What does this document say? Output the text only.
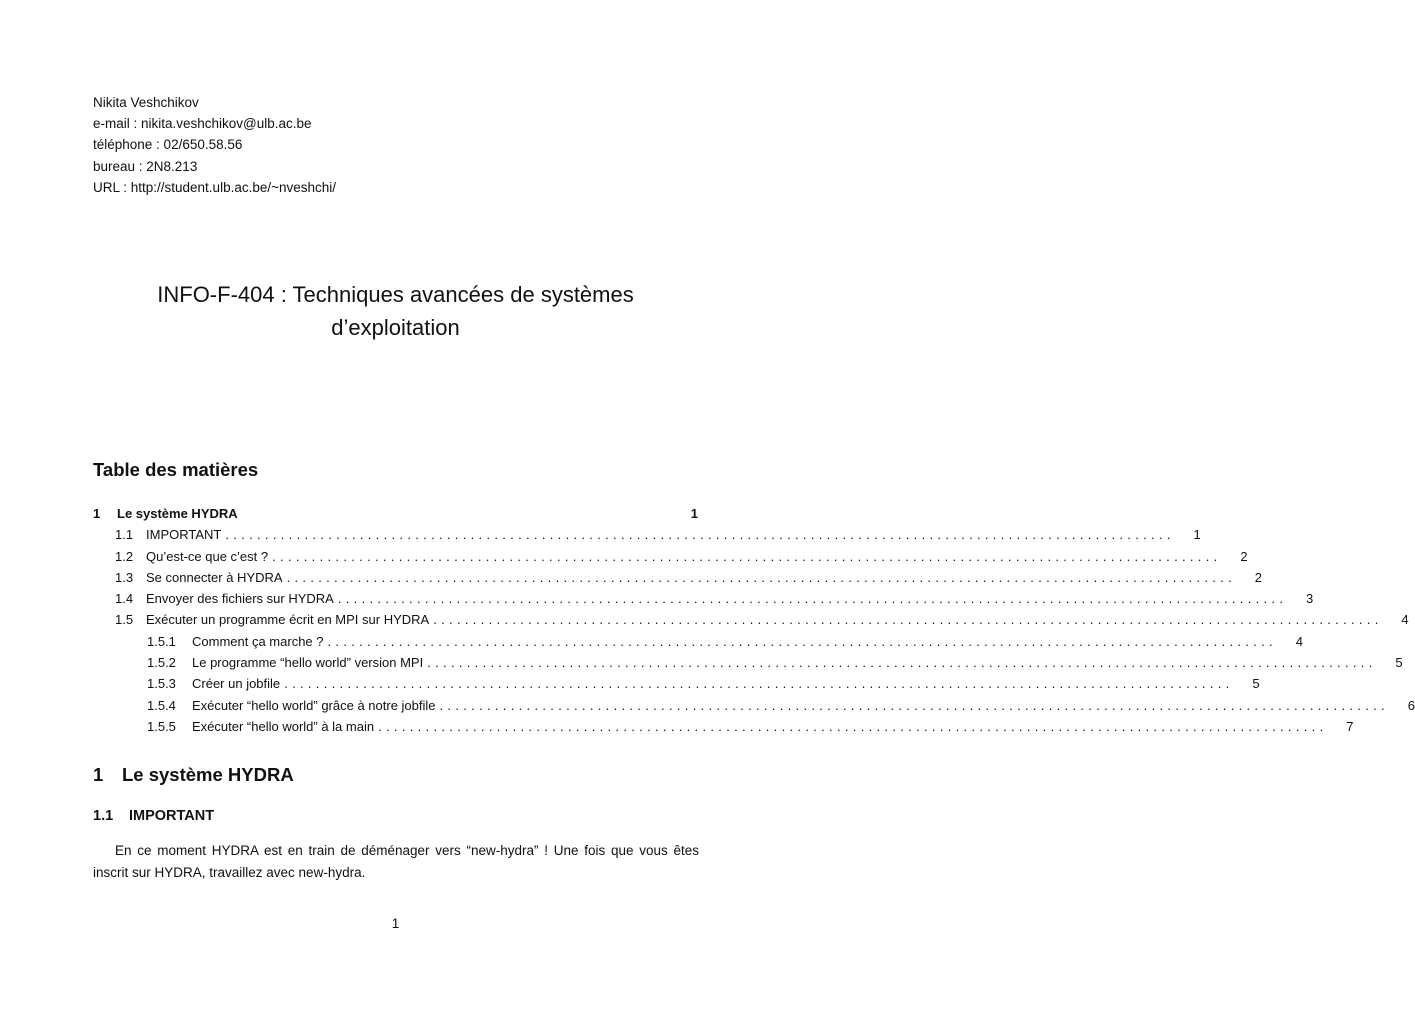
Nikita Veshchikov
e-mail : nikita.veshchikov@ulb.ac.be
téléphone : 02/650.58.56
bureau : 2N8.213
URL : http://student.ulb.ac.be/~nveshchi/
INFO-F-404 : Techniques avancées de systèmes
d’exploitation
Table des matières
1	Le système HYDRA	1
1.1 IMPORTANT ........................................................................................................................	1
1.2 Qu’est-ce que c’est ? ........................................................................................................................	2
1.3 Se connecter à HYDRA ........................................................................................................................	2
1.4 Envoyer des fichiers sur HYDRA ........................................................................................................................	3
1.5 Exécuter un programme écrit en MPI sur HYDRA ........................................................................................................................	4
1.5.1	Comment ça marche ? ........................................................................................................................	4
1.5.2	Le programme “hello world” version MPI ........................................................................................................................	5
1.5.3	Créer un jobfile ........................................................................................................................	5
1.5.4	Exécuter “hello world” grâce à notre jobfile ........................................................................................................................	6
1.5.5	Exécuter “hello world” à la main ........................................................................................................................	7
1 Le système HYDRA
1.1 IMPORTANT

En ce moment HYDRA est en train de déménager vers “new-hydra” ! Une fois que vous êtes inscrit sur HYDRA, travaillez avec new-hydra.

1
